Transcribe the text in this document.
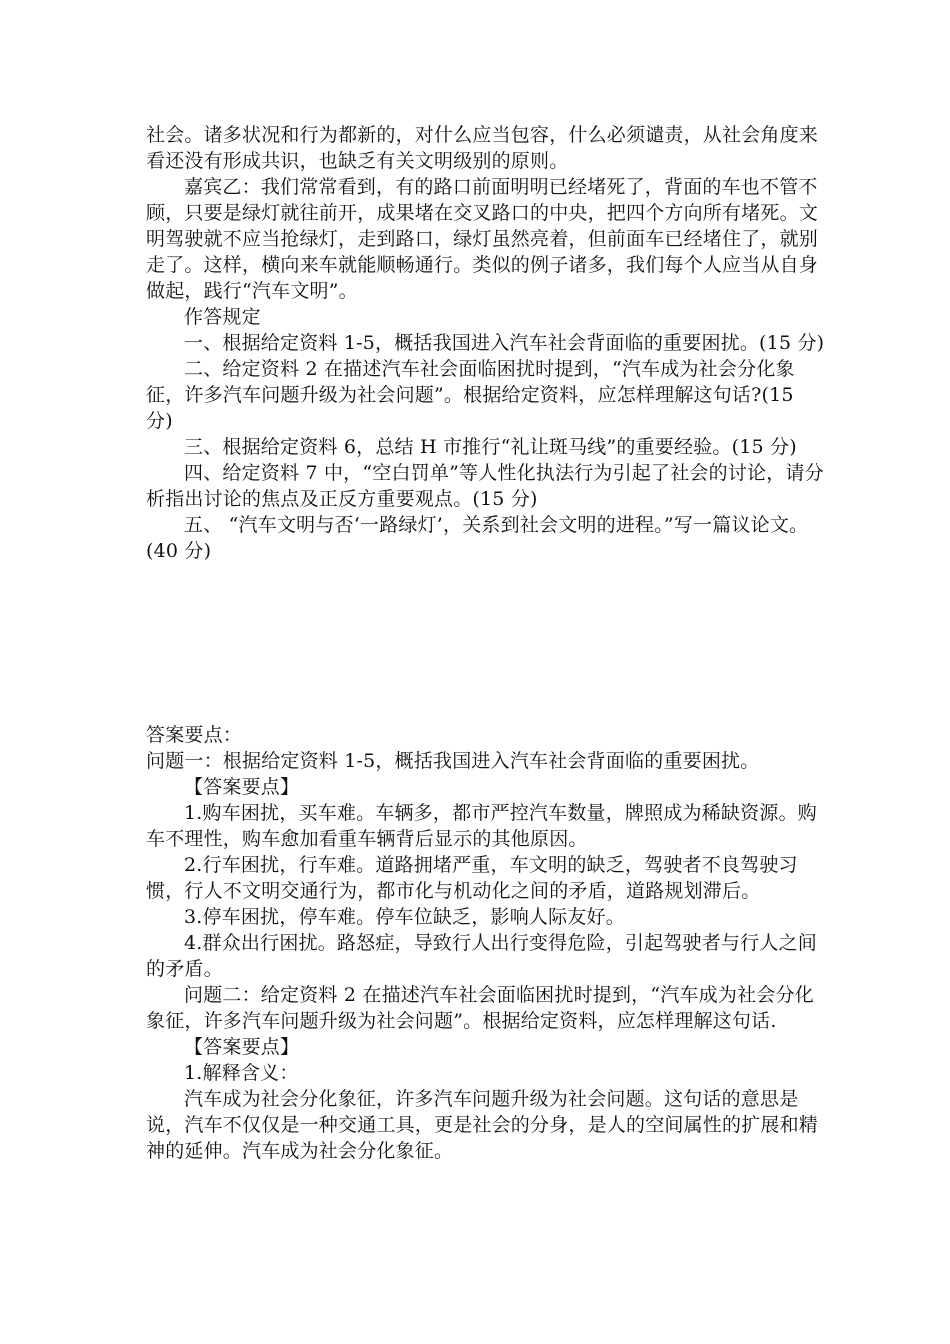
社会。诸多状况和行为都新的，对什么应当包容，什么必须谴责，从社会角度来看还没有形成共识，也缺乏有关文明级别的原则。

嘉宾乙：我们常常看到，有的路口前面明明已经堵死了，背面的车也不管不顾，只要是绿灯就往前开，成果堵在交叉路口的中央，把四个方向所有堵死。文明驾驶就不应当抢绿灯，走到路口，绿灯虽然亮着，但前面车已经堵住了，就别走了。这样，横向来车就能顺畅通行。类似的例子诸多，我们每个人应当从自身做起，践行“汽车文明”。

作答规定

一、根据给定资料 1-5，概括我国进入汽车社会背面临的重要困扰。(15 分)

二、给定资料 2 在描述汽车社会面临困扰时提到，“汽车成为社会分化象征，许多汽车问题升级为社会问题”。根据给定资料，应怎样理解这句话?(15 分)

三、根据给定资料 6，总结 H 市推行“礼让斑马线”的重要经验。(15 分)

四、给定资料 7 中，“空白罚单”等人性化执法行为引起了社会的讨论，请分析指出讨论的焦点及正反方重要观点。(15 分)

五、 “汽车文明与否‘一路绿灯’，关系到社会文明的进程。”写一篇议论文。(40 分)

答案要点：

问题一：根据给定资料 1-5，概括我国进入汽车社会背面临的重要困扰。

【答案要点】

1.购车困扰，买车难。车辆多，都市严控汽车数量，牌照成为稀缺资源。购车不理性，购车愈加看重车辆背后显示的其他原因。

2.行车困扰，行车难。道路拥堵严重，车文明的缺乏，驾驶者不良驾驶习惯，行人不文明交通行为，都市化与机动化之间的矛盾，道路规划滞后。

3.停车困扰，停车难。停车位缺乏，影响人际友好。

4.群众出行困扰。路怒症，导致行人出行变得危险，引起驾驶者与行人之间的矛盾。

问题二：给定资料 2 在描述汽车社会面临困扰时提到，“汽车成为社会分化象征，许多汽车问题升级为社会问题”。根据给定资料，应怎样理解这句话.

【答案要点】

1.解释含义：

汽车成为社会分化象征，许多汽车问题升级为社会问题。这句话的意思是说，汽车不仅仅是一种交通工具，更是社会的分身，是人的空间属性的扩展和精神的延伸。汽车成为社会分化象征。
